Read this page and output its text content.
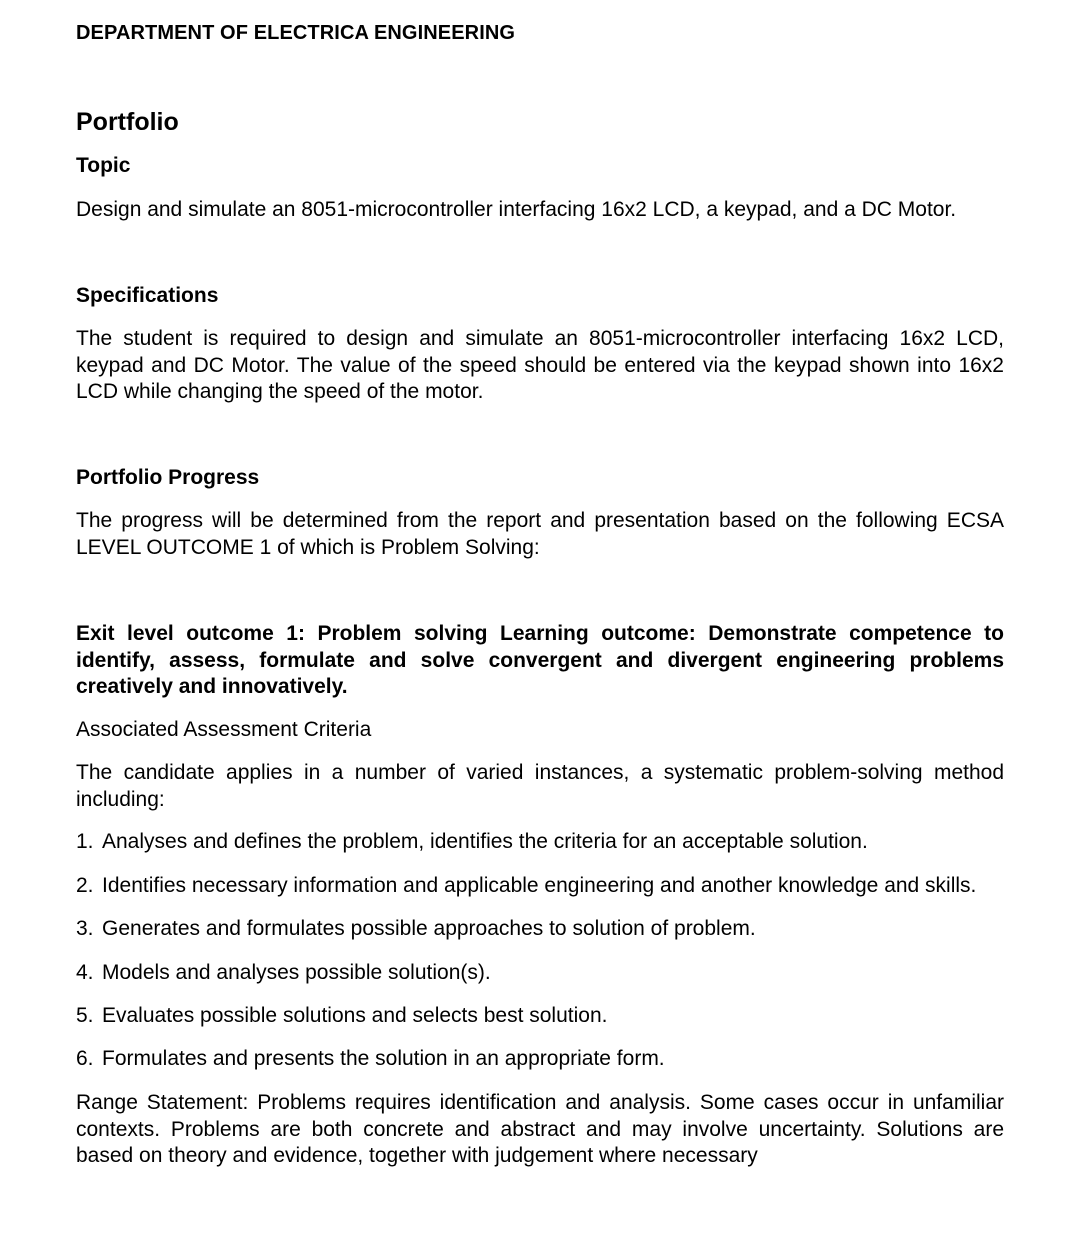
DEPARTMENT OF ELECTRICA ENGINEERING
Portfolio
Topic
Design and simulate an 8051-microcontroller interfacing 16x2 LCD, a keypad, and a DC Motor.
Specifications
The student is required to design and simulate an 8051-microcontroller interfacing 16x2 LCD, keypad and DC Motor. The value of the speed should be entered via the keypad shown into 16x2 LCD while changing the speed of the motor.
Portfolio Progress
The progress will be determined from the report and presentation based on the following ECSA LEVEL OUTCOME 1 of which is Problem Solving:
Exit level outcome 1: Problem solving Learning outcome: Demonstrate competence to identify, assess, formulate and solve convergent and divergent engineering problems creatively and innovatively.
Associated Assessment Criteria
The candidate applies in a number of varied instances, a systematic problem-solving method including:
1. Analyses and defines the problem, identifies the criteria for an acceptable solution.
2. Identifies necessary information and applicable engineering and another knowledge and skills.
3. Generates and formulates possible approaches to solution of problem.
4. Models and analyses possible solution(s).
5. Evaluates possible solutions and selects best solution.
6. Formulates and presents the solution in an appropriate form.
Range Statement: Problems requires identification and analysis. Some cases occur in unfamiliar contexts. Problems are both concrete and abstract and may involve uncertainty. Solutions are based on theory and evidence, together with judgement where necessary
